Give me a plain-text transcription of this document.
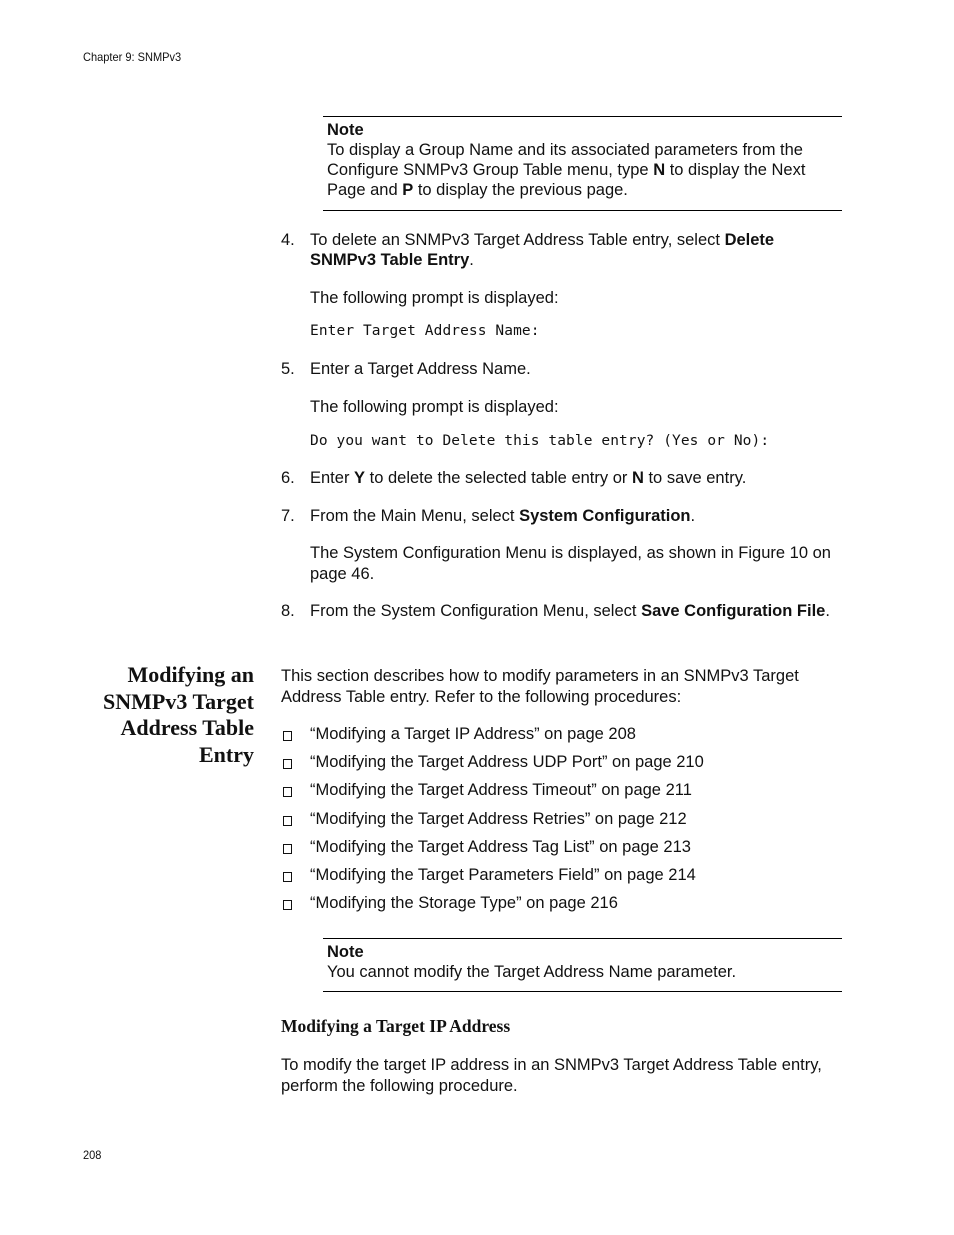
Chapter 9: SNMPv3

Note

To display a Group Name and its associated parameters from the Configure SNMPv3 Group Table menu, type N to display the Next Page and P to display the previous page.

4. To delete an SNMPv3 Target Address Table entry, select Delete SNMPv3 Table Entry.
The following prompt is displayed:
Enter Target Address Name:
5. Enter a Target Address Name.
The following prompt is displayed:
Do you want to Delete this table entry? (Yes or No):
6. Enter Y to delete the selected table entry or N to save entry.
7. From the Main Menu, select System Configuration.
The System Configuration Menu is displayed, as shown in Figure 10 on page 46.
8. From the System Configuration Menu, select Save Configuration File.
Modifying an
SNMPv3 Target
Address Table
Entry
This section describes how to modify parameters in an SNMPv3 Target Address Table entry. Refer to the following procedures:
“Modifying a Target IP Address” on page 208
“Modifying the Target Address UDP Port” on page 210
“Modifying the Target Address Timeout” on page 211
“Modifying the Target Address Retries” on page 212
“Modifying the Target Address Tag List” on page 213
“Modifying the Target Parameters Field” on page 214
“Modifying the Storage Type” on page 216

Note

You cannot modify the Target Address Name parameter.

Modifying a Target IP Address
To modify the target IP address in an SNMPv3 Target Address Table entry, perform the following procedure.
208
